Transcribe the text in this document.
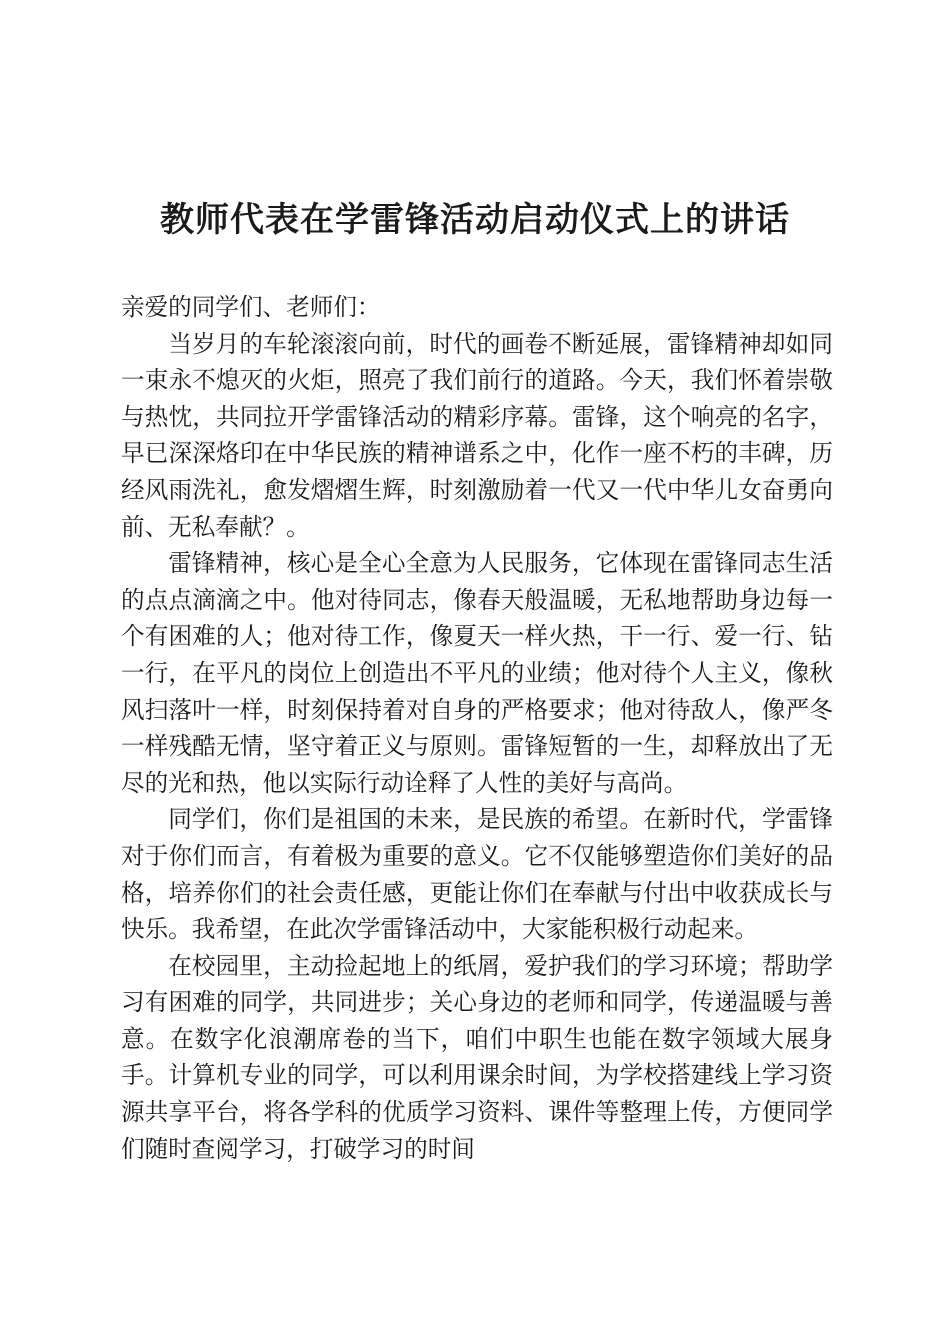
教师代表在学雷锋活动启动仪式上的讲话

亲爱的同学们、老师们：

当岁月的车轮滚滚向前，时代的画卷不断延展，雷锋精神却如同一束永不熄灭的火炬，照亮了我们前行的道路。今天，我们怀着崇敬与热忱，共同拉开学雷锋活动的精彩序幕。雷锋，这个响亮的名字，早已深深烙印在中华民族的精神谱系之中，化作一座不朽的丰碑，历经风雨洗礼，愈发熠熠生辉，时刻激励着一代又一代中华儿女奋勇向前、无私奉献？。

雷锋精神，核心是全心全意为人民服务，它体现在雷锋同志生活的点点滴滴之中。他对待同志，像春天般温暖，无私地帮助身边每一个有困难的人；他对待工作，像夏天一样火热，干一行、爱一行、钻一行，在平凡的岗位上创造出不平凡的业绩；他对待个人主义，像秋风扫落叶一样，时刻保持着对自身的严格要求；他对待敌人，像严冬一样残酷无情，坚守着正义与原则。雷锋短暂的一生，却释放出了无尽的光和热，他以实际行动诠释了人性的美好与高尚。

同学们，你们是祖国的未来，是民族的希望。在新时代，学雷锋对于你们而言，有着极为重要的意义。它不仅能够塑造你们美好的品格，培养你们的社会责任感，更能让你们在奉献与付出中收获成长与快乐。我希望，在此次学雷锋活动中，大家能积极行动起来。

在校园里，主动捡起地上的纸屑，爱护我们的学习环境；帮助学习有困难的同学，共同进步；关心身边的老师和同学，传递温暖与善意。在数字化浪潮席卷的当下，咱们中职生也能在数字领域大展身手。计算机专业的同学，可以利用课余时间，为学校搭建线上学习资源共享平台，将各学科的优质学习资料、课件等整理上传，方便同学们随时查阅学习，打破学习的时间
